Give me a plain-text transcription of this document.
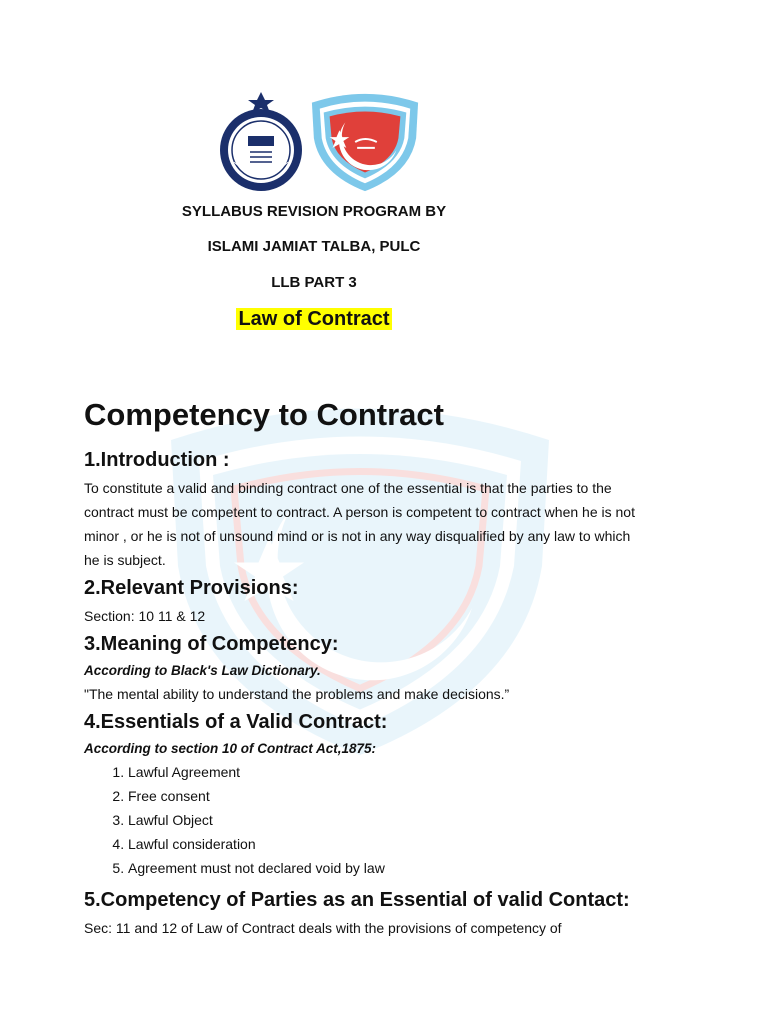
SYLLABUS REVISION PROGRAM BY
ISLAMI JAMIAT TALBA, PULC
LLB PART 3
Law of Contract
Competency to Contract
1.Introduction :

To constitute a valid and binding contract one of the essential is that the parties to the contract must be competent to contract. A person is competent to contract when he is not minor , or he is not of unsound mind or is not in any way disqualified by any law to which he is subject.

2.Relevant Provisions:

Section: 10 11 & 12

3.Meaning of Competency:

According to Black's Law Dictionary.

"The mental ability to understand the problems and make decisions.”

4.Essentials of a Valid Contract:

According to section 10 of Contract Act,1875:

1. Lawful Agreement
2. Free consent
3. Lawful Object
4. Lawful consideration
5. Agreement must not declared void by law
5.Competency of Parties as an Essential of valid Contact:

Sec: 11 and 12 of Law of Contract deals with the provisions of competency of
